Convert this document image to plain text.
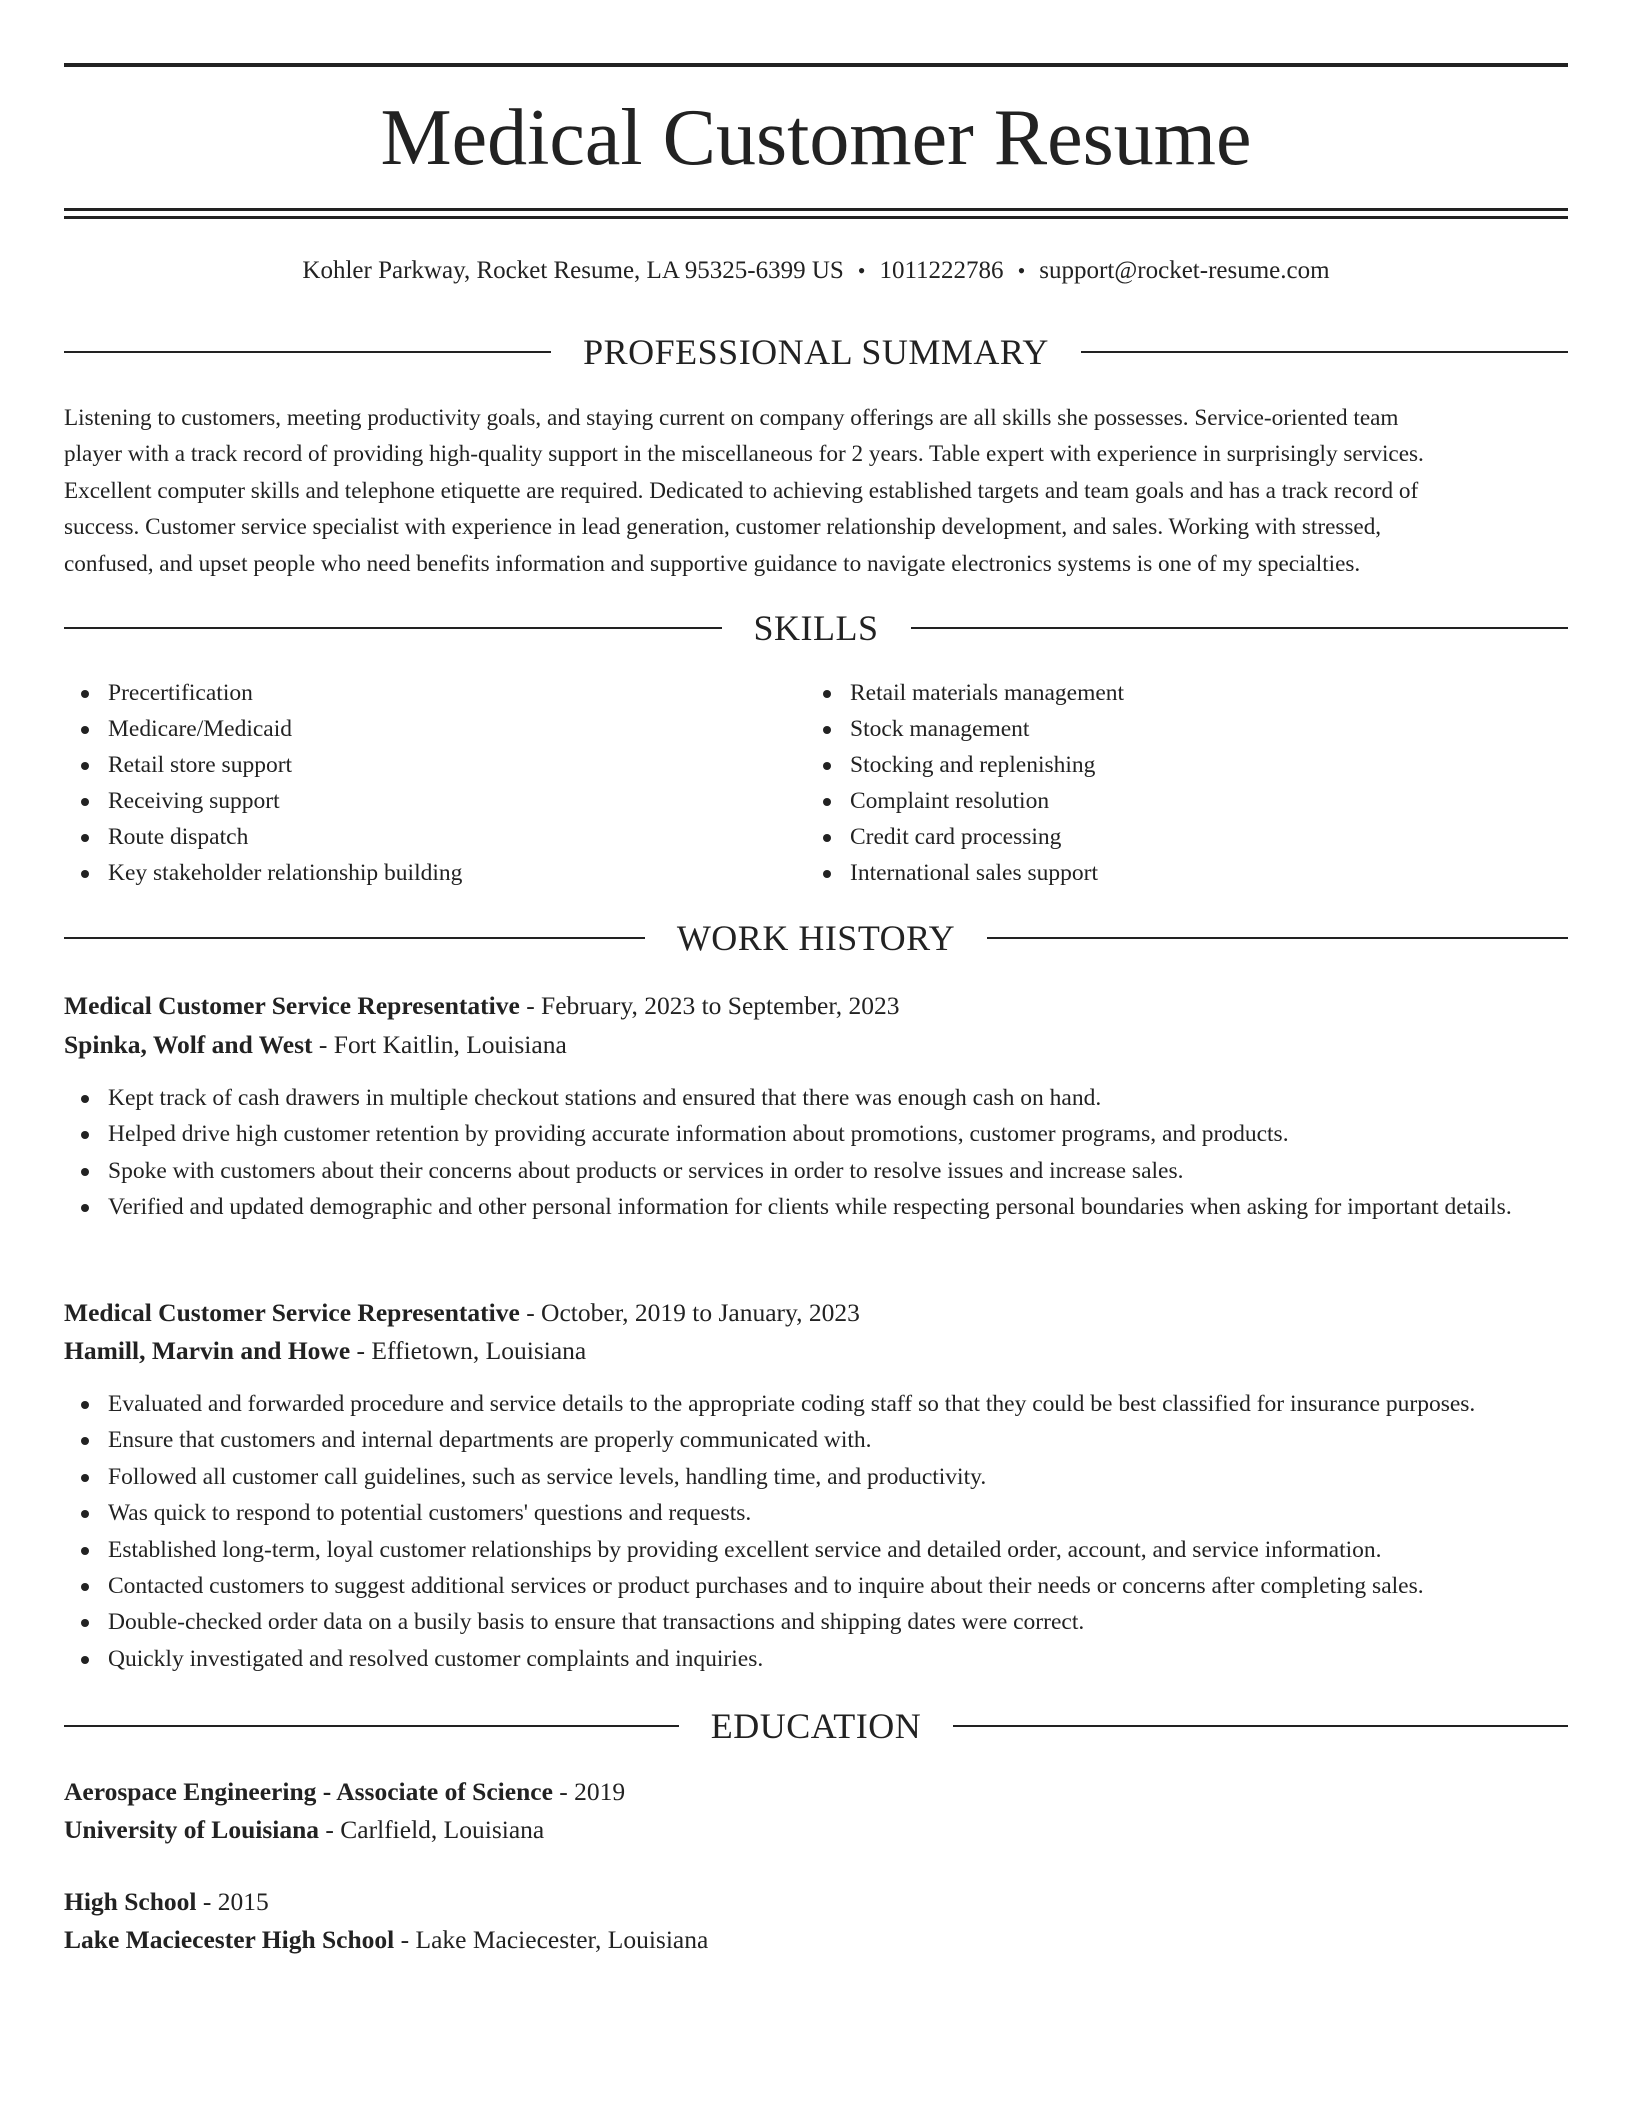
Medical Customer Resume
Kohler Parkway, Rocket Resume, LA 95325-6399 US • 1011222786 • support@rocket-resume.com
PROFESSIONAL SUMMARY
Listening to customers, meeting productivity goals, and staying current on company offerings are all skills she possesses. Service-oriented team
player with a track record of providing high-quality support in the miscellaneous for 2 years. Table expert with experience in surprisingly services.
Excellent computer skills and telephone etiquette are required. Dedicated to achieving established targets and team goals and has a track record of
success. Customer service specialist with experience in lead generation, customer relationship development, and sales. Working with stressed,
confused, and upset people who need benefits information and supportive guidance to navigate electronics systems is one of my specialties.
SKILLS
Precertification
Medicare/Medicaid
Retail store support
Receiving support
Route dispatch
Key stakeholder relationship building
Retail materials management
Stock management
Stocking and replenishing
Complaint resolution
Credit card processing
International sales support
WORK HISTORY
Medical Customer Service Representative - February, 2023 to September, 2023
Spinka, Wolf and West - Fort Kaitlin, Louisiana
Kept track of cash drawers in multiple checkout stations and ensured that there was enough cash on hand.
Helped drive high customer retention by providing accurate information about promotions, customer programs, and products.
Spoke with customers about their concerns about products or services in order to resolve issues and increase sales.
Verified and updated demographic and other personal information for clients while respecting personal boundaries when asking for important details.
Medical Customer Service Representative - October, 2019 to January, 2023
Hamill, Marvin and Howe - Effietown, Louisiana
Evaluated and forwarded procedure and service details to the appropriate coding staff so that they could be best classified for insurance purposes.
Ensure that customers and internal departments are properly communicated with.
Followed all customer call guidelines, such as service levels, handling time, and productivity.
Was quick to respond to potential customers' questions and requests.
Established long-term, loyal customer relationships by providing excellent service and detailed order, account, and service information.
Contacted customers to suggest additional services or product purchases and to inquire about their needs or concerns after completing sales.
Double-checked order data on a busily basis to ensure that transactions and shipping dates were correct.
Quickly investigated and resolved customer complaints and inquiries.
EDUCATION
Aerospace Engineering - Associate of Science - 2019
University of Louisiana - Carlfield, Louisiana
High School - 2015
Lake Maciecester High School - Lake Maciecester, Louisiana
